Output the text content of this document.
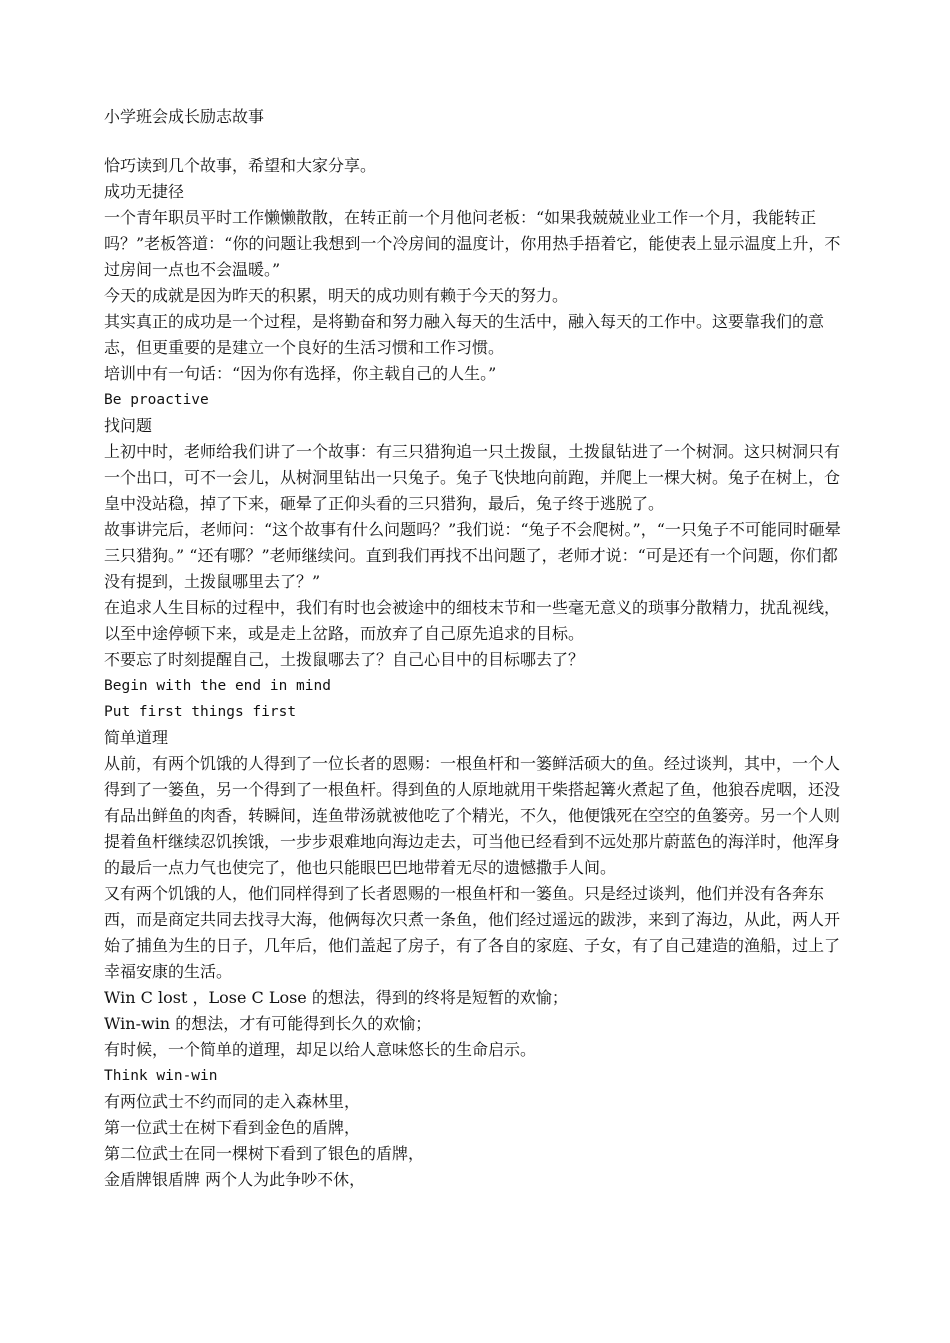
小学班会成长励志故事

恰巧读到几个故事，希望和大家分享。

成功无捷径

一个青年职员平时工作懒懒散散，在转正前一个月他问老板：“如果我兢兢业业工作一个月，我能转正吗？”老板答道：“你的问题让我想到一个冷房间的温度计，你用热手捂着它，能使表上显示温度上升，不过房间一点也不会温暖。”

今天的成就是因为昨天的积累，明天的成功则有赖于今天的努力。

其实真正的成功是一个过程，是将勤奋和努力融入每天的生活中，融入每天的工作中。这要靠我们的意志，但更重要的是建立一个良好的生活习惯和工作习惯。

培训中有一句话：“因为你有选择，你主载自己的人生。”

Be proactive

找问题

上初中时，老师给我们讲了一个故事：有三只猎狗追一只土拨鼠，土拨鼠钻进了一个树洞。这只树洞只有一个出口，可不一会儿，从树洞里钻出一只兔子。兔子飞快地向前跑，并爬上一棵大树。兔子在树上，仓皇中没站稳，掉了下来，砸晕了正仰头看的三只猎狗，最后，兔子终于逃脱了。

故事讲完后，老师问：“这个故事有什么问题吗？”我们说：“兔子不会爬树。”，“一只兔子不可能同时砸晕三只猎狗。” “还有哪？”老师继续问。直到我们再找不出问题了，老师才说：“可是还有一个问题，你们都没有提到，土拨鼠哪里去了？”

在追求人生目标的过程中，我们有时也会被途中的细枝末节和一些毫无意义的琐事分散精力，扰乱视线，以至中途停顿下来，或是走上岔路，而放弃了自己原先追求的目标。

不要忘了时刻提醒自己，土拨鼠哪去了？自己心目中的目标哪去了？

Begin with the end in mind

Put first things first

简单道理

从前，有两个饥饿的人得到了一位长者的恩赐：一根鱼杆和一篓鲜活硕大的鱼。经过谈判，其中，一个人得到了一篓鱼，另一个得到了一根鱼杆。得到鱼的人原地就用干柴搭起篝火煮起了鱼，他狼吞虎咽，还没有品出鲜鱼的肉香，转瞬间，连鱼带汤就被他吃了个精光，不久，他便饿死在空空的鱼篓旁。另一个人则提着鱼杆继续忍饥挨饿，一步步艰难地向海边走去，可当他已经看到不远处那片蔚蓝色的海洋时，他浑身的最后一点力气也使完了，他也只能眼巴巴地带着无尽的遗憾撒手人间。

又有两个饥饿的人，他们同样得到了长者恩赐的一根鱼杆和一篓鱼。只是经过谈判，他们并没有各奔东西，而是商定共同去找寻大海，他俩每次只煮一条鱼，他们经过遥远的跋涉，来到了海边，从此，两人开始了捕鱼为生的日子，几年后，他们盖起了房子，有了各自的家庭、子女，有了自己建造的渔船，过上了幸福安康的生活。

Win C lost ，Lose C Lose 的想法，得到的终将是短暂的欢愉；

Win-win 的想法，才有可能得到长久的欢愉；

有时候，一个简单的道理，却足以给人意味悠长的生命启示。

Think win-win

有两位武士不约而同的走入森林里，

第一位武士在树下看到金色的盾牌，

第二位武士在同一棵树下看到了银色的盾牌，

金盾牌银盾牌 两个人为此争吵不休，
